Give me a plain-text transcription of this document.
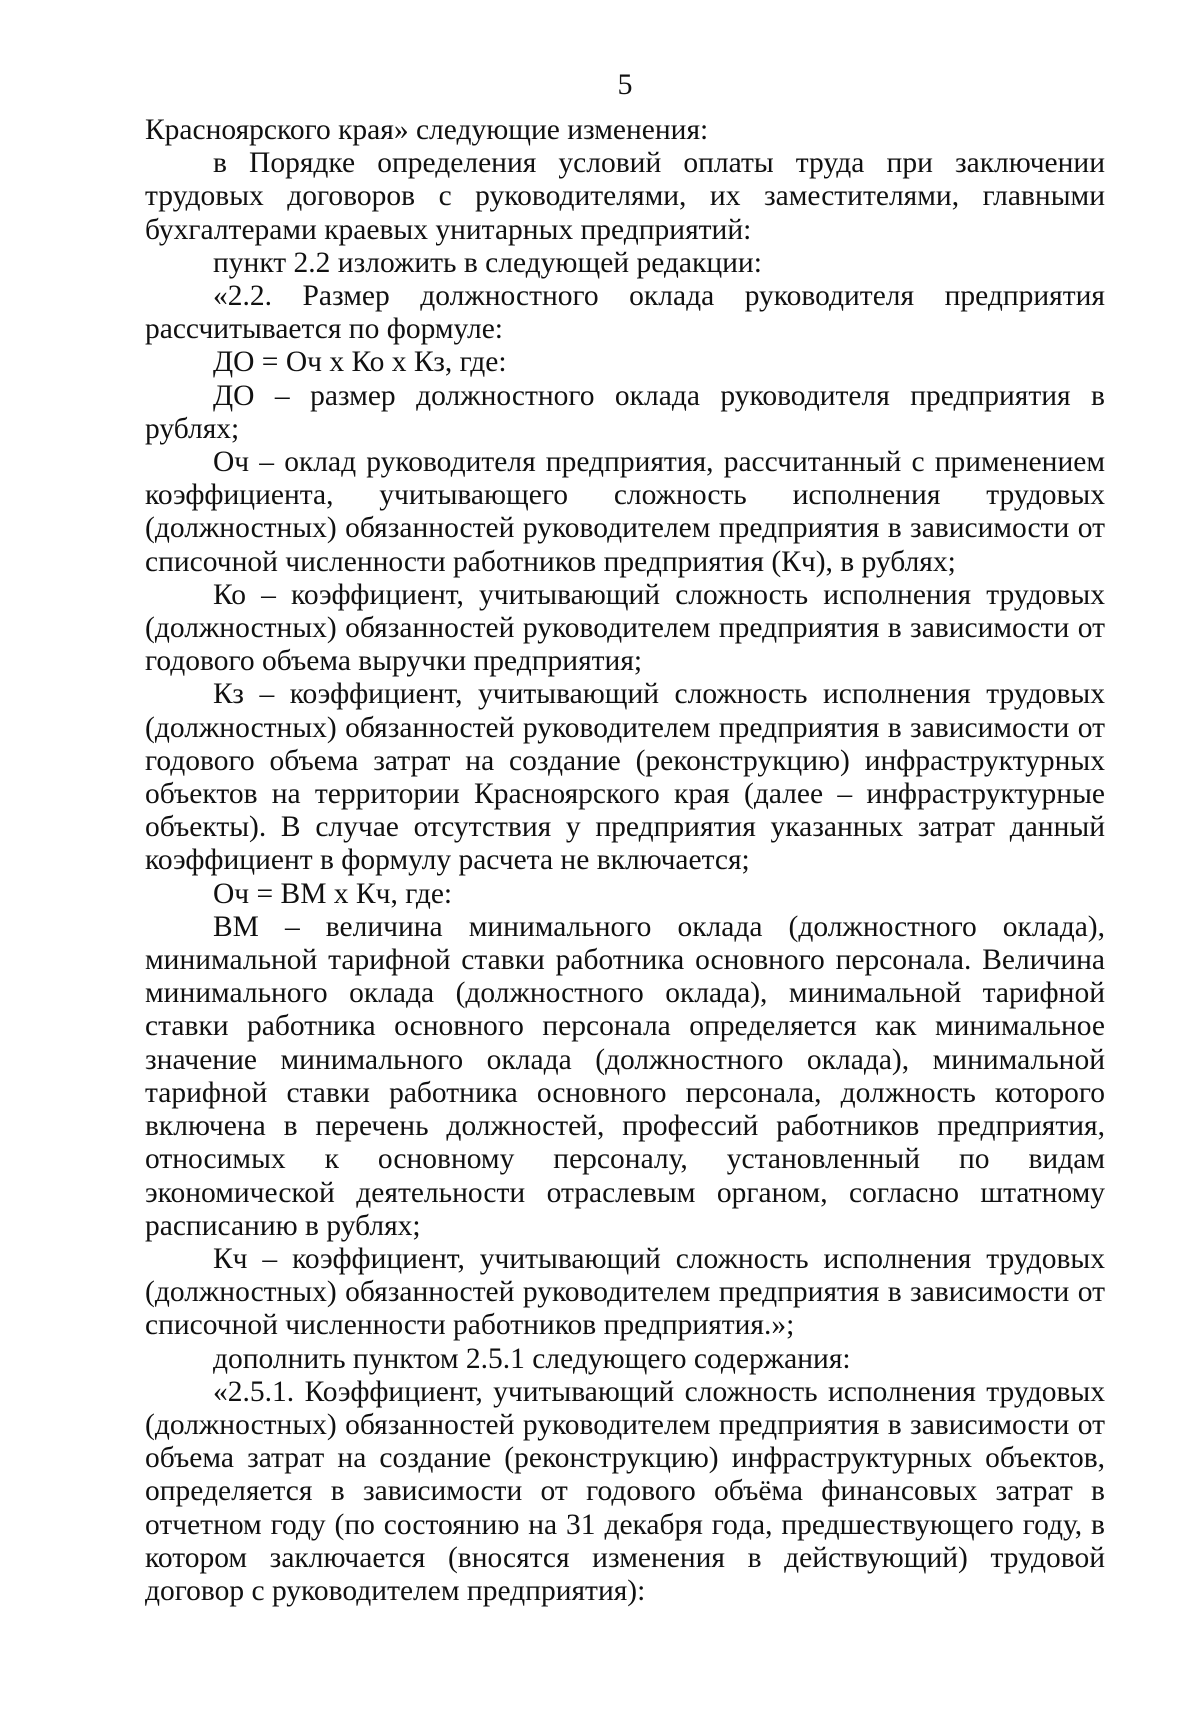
5

Красноярского края» следующие изменения:

в Порядке определения условий оплаты труда при заключении трудовых договоров с руководителями, их заместителями, главными бухгалтерами краевых унитарных предприятий:

пункт 2.2 изложить в следующей редакции:

«2.2. Размер должностного оклада руководителя предприятия рассчитывается по формуле:

ДО = Оч х Ко х Кз, где:

ДО – размер должностного оклада руководителя предприятия в рублях;

Оч – оклад руководителя предприятия, рассчитанный с применением коэффициента, учитывающего сложность исполнения трудовых (должностных) обязанностей руководителем предприятия в зависимости от списочной численности работников предприятия (Кч), в рублях;

Ко – коэффициент, учитывающий сложность исполнения трудовых (должностных) обязанностей руководителем предприятия в зависимости от годового объема выручки предприятия;

Кз – коэффициент, учитывающий сложность исполнения трудовых (должностных) обязанностей руководителем предприятия в зависимости от годового объема затрат на создание (реконструкцию) инфраструктурных объектов на территории Красноярского края (далее – инфраструктурные объекты). В случае отсутствия у предприятия указанных затрат данный коэффициент в формулу расчета не включается;

Оч = ВМ х Кч, где:

ВМ – величина минимального оклада (должностного оклада), минимальной тарифной ставки работника основного персонала. Величина минимального оклада (должностного оклада), минимальной тарифной ставки работника основного персонала определяется как минимальное значение минимального оклада (должностного оклада), минимальной тарифной ставки работника основного персонала, должность которого включена в перечень должностей, профессий работников предприятия, относимых к основному персоналу, установленный по видам экономической деятельности отраслевым органом, согласно штатному расписанию в рублях;

Кч – коэффициент, учитывающий сложность исполнения трудовых (должностных) обязанностей руководителем предприятия в зависимости от списочной численности работников предприятия.»;

дополнить пунктом 2.5.1 следующего содержания:

«2.5.1. Коэффициент, учитывающий сложность исполнения трудовых (должностных) обязанностей руководителем предприятия в зависимости от объема затрат на создание (реконструкцию) инфраструктурных объектов, определяется в зависимости от годового объёма финансовых затрат в отчетном году (по состоянию на 31 декабря года, предшествующего году, в котором заключается (вносятся изменения в действующий) трудовой договор с руководителем предприятия):
